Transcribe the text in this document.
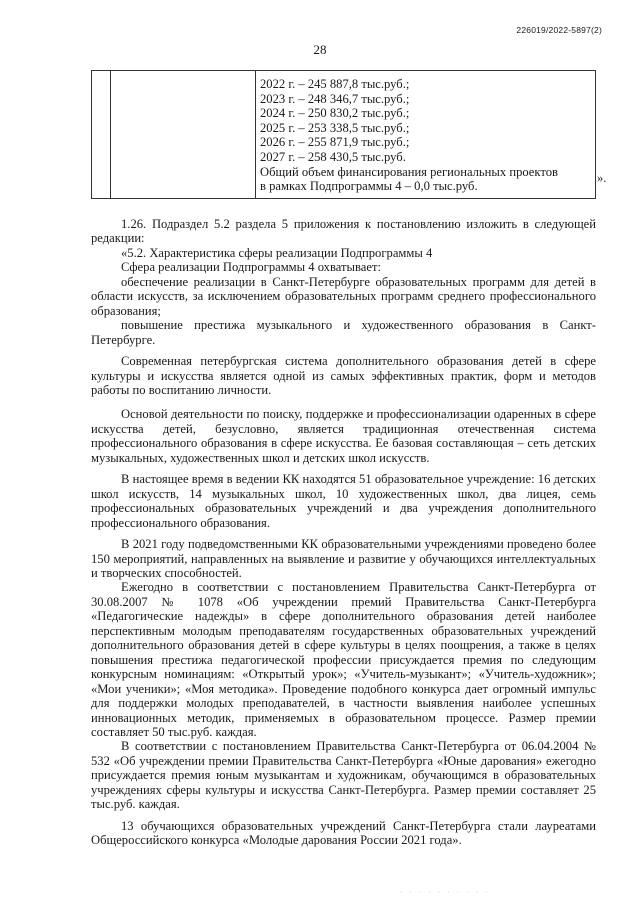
226019/2022-5897(2)
28

2022 г. – 245 887,8 тыс.руб.;
2023 г. – 248 346,7 тыс.руб.;
2024 г. – 250 830,2 тыс.руб.;
2025 г. – 253 338,5 тыс.руб.;
2026 г. – 255 871,9 тыс.руб.;
2027 г. – 258 430,5 тыс.руб.
Общий объем финансирования региональных проектов
в рамках Подпрограммы 4 – 0,0 тыс.руб.
».

1.26. Подраздел 5.2 раздела 5 приложения к постановлению изложить в следующей редакции:

«5.2. Характеристика сферы реализации Подпрограммы 4

Сфера реализации Подпрограммы 4 охватывает:

обеспечение реализации в Санкт-Петербурге образовательных программ для детей в области искусств, за исключением образовательных программ среднего профессионального образования;

повышение престижа музыкального и художественного образования в Санкт-Петербурге.

Современная петербургская система дополнительного образования детей в сфере культуры и искусства является одной из самых эффективных практик, форм и методов работы по воспитанию личности.

Основой деятельности по поиску, поддержке и профессионализации одаренных в сфере искусства детей, безусловно, является традиционная отечественная система профессионального образования в сфере искусства. Ее базовая составляющая – сеть детских музыкальных, художественных школ и детских школ искусств.

В настоящее время в ведении КК находятся 51 образовательное учреждение: 16 детских школ искусств, 14 музыкальных школ, 10 художественных школ, два лицея, семь профессиональных образовательных учреждений и два учреждения дополнительного профессионального образования.

В 2021 году подведомственными КК образовательными учреждениями проведено более 150 мероприятий, направленных на выявление и развитие у обучающихся интеллектуальных и творческих способностей.

Ежегодно в соответствии с постановлением Правительства Санкт-Петербурга от 30.08.2007 № 1078 «Об учреждении премий Правительства Санкт-Петербурга «Педагогические надежды» в сфере дополнительного образования детей наиболее перспективным молодым преподавателям государственных образовательных учреждений дополнительного образования детей в сфере культуры в целях поощрения, а также в целях повышения престижа педагогической профессии присуждается премия по следующим конкурсным номинациям: «Открытый урок»; «Учитель-музыкант»; «Учитель-художник»; «Мои ученики»; «Моя методика». Проведение подобного конкурса дает огромный импульс для поддержки молодых преподавателей, в частности выявления наиболее успешных инновационных методик, применяемых в образовательном процессе. Размер премии составляет 50 тыс.руб. каждая.

В соответствии с постановлением Правительства Санкт-Петербурга от 06.04.2004 № 532 «Об учреждении премии Правительства Санкт-Петербурга «Юные дарования» ежегодно присуждается премия юным музыкантам и художникам, обучающимся в образовательных учреждениях сферы культуры и искусства Санкт-Петербурга. Размер премии составляет 25 тыс.руб. каждая.

13 обучающихся образовательных учреждений Санкт-Петербурга стали лауреатами Общероссийского конкурса «Молодые дарования России 2021 года».

· · · · · · · · · ·
